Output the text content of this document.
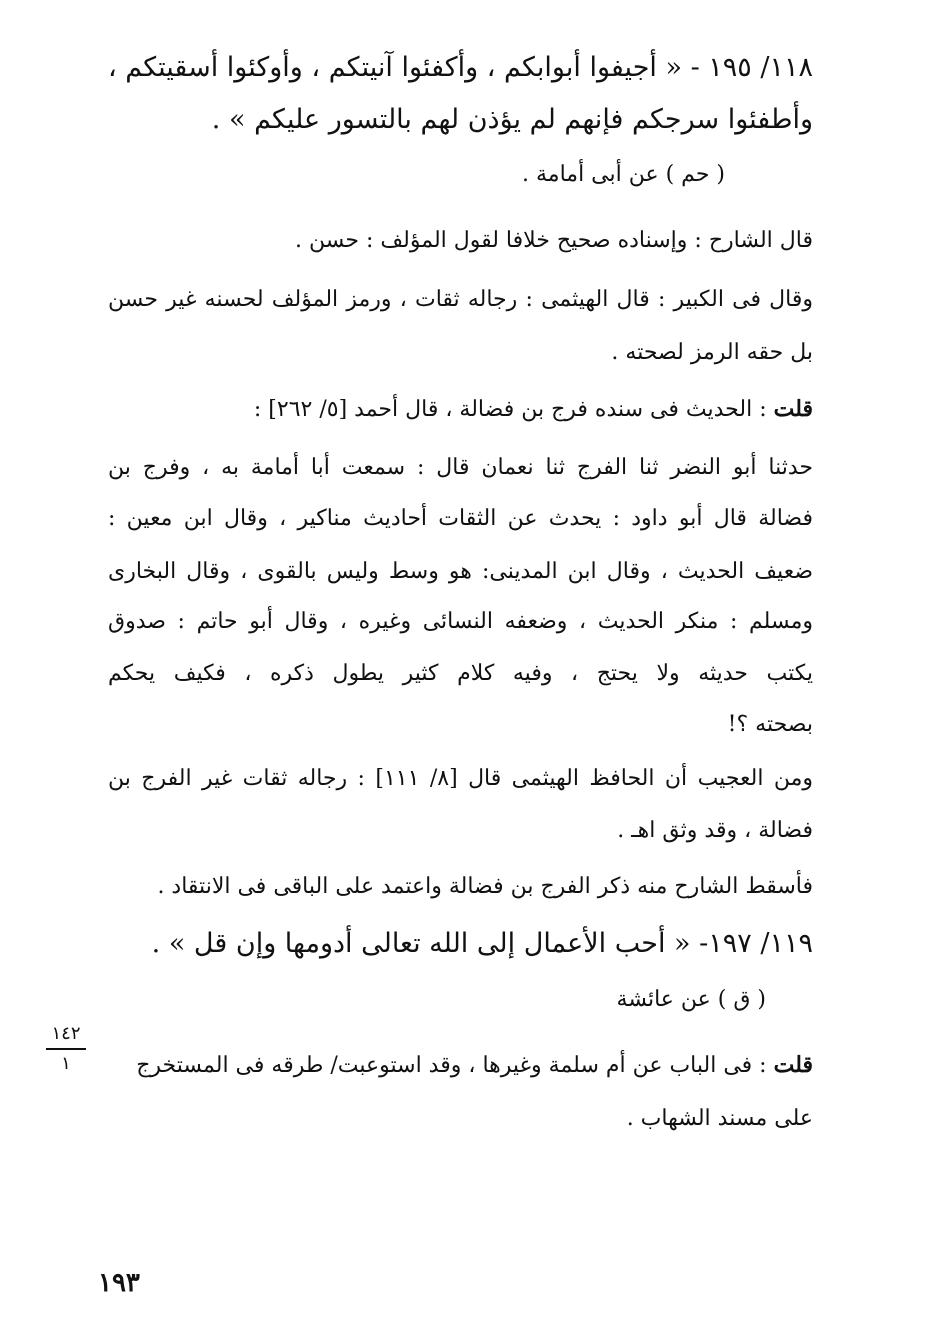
١١٨/ ١٩٥ - « أجيفوا أبوابكم ، وأكفئوا آنيتكم ، وأوكئوا أسقيتكم ،
وأطفئوا سرجكم فإنهم لم يؤذن لهم بالتسور عليكم » .
( حم ) عن أبى أمامة .
قال الشارح : وإسناده صحيح خلافا لقول المؤلف : حسن .
وقال فى الكبير : قال الهيثمى : رجاله ثقات ، ورمز المؤلف لحسنه غير حسن
بل حقه الرمز لصحته .
قلت : الحديث فى سنده فرج بن فضالة ، قال أحمد [٥/ ٢٦٢] :
حدثنا أبو النضر ثنا الفرج ثنا نعمان قال : سمعت أبا أمامة به ، وفرج بن
فضالة قال أبو داود : يحدث عن الثقات أحاديث مناكير ، وقال ابن معين :
ضعيف الحديث ، وقال ابن المدينى: هو وسط وليس بالقوى ، وقال البخارى
ومسلم : منكر الحديث ، وضعفه النسائى وغيره ، وقال أبو حاتم : صدوق
يكتب حديثه ولا يحتج ، وفيه كلام كثير يطول ذكره ، فكيف يحكم
بصحته ؟!
ومن العجيب أن الحافظ الهيثمى قال [٨/ ١١١] : رجاله ثقات غير الفرج بن
فضالة ، وقد وثق اهـ .
فأسقط الشارح منه ذكر الفرج بن فضالة واعتمد على الباقى فى الانتقاد .
١١٩/ ١٩٧- « أحب الأعمال إلى الله تعالى أدومها وإن قل » .
( ق ) عن عائشة
قلت : فى الباب عن أم سلمة وغيرها ، وقد استوعبت/ طرقه فى المستخرج
على مسند الشهاب .
١٤٢
١
١٩٣
